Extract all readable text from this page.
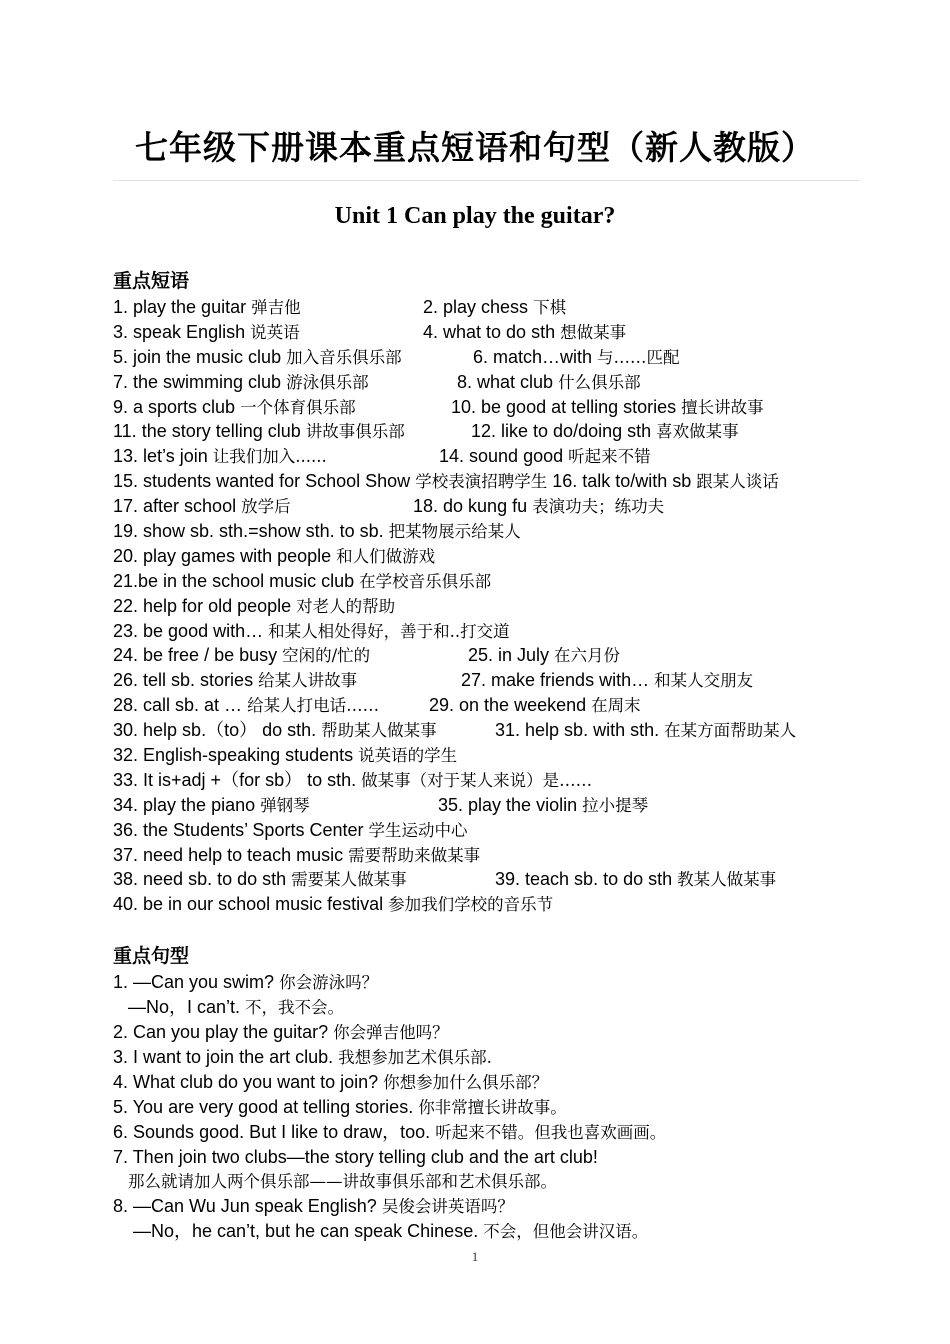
七年级下册课本重点短语和句型（新人教版）
Unit 1 Can play the guitar?
重点短语
1. play the guitar 弹吉他	2. play chess 下棋
3. speak English 说英语	4. what to do sth 想做某事
5. join the music club 加入音乐俱乐部	6. match…with 与……匹配
7. the swimming club 游泳俱乐部	8. what club 什么俱乐部
9. a sports club 一个体育俱乐部	10. be good at telling stories 擅长讲故事
11. the story telling club 讲故事俱乐部	12. like to do/doing sth 喜欢做某事
13. let’s join 让我们加入......	14. sound good 听起来不错
15. students wanted for School Show 学校表演招聘学生 16. talk to/with sb 跟某人谈话
17. after school 放学后	18. do kung fu 表演功夫；练功夫
19. show sb. sth.=show sth. to sb. 把某物展示给某人
20. play games with people 和人们做游戏
21.be in the school music club 在学校音乐俱乐部
22. help for old people 对老人的帮助
23. be good with… 和某人相处得好，善于和..打交道
24. be free / be busy 空闲的/忙的	25. in July 在六月份
26. tell sb. stories 给某人讲故事	27. make friends with… 和某人交朋友
28. call sb. at … 给某人打电话……	29. on the weekend 在周末
30. help sb.（to） do sth. 帮助某人做某事	31. help sb. with sth. 在某方面帮助某人
32. English-speaking students 说英语的学生
33. It is+adj +（for sb） to sth. 做某事（对于某人来说）是……
34. play the piano 弹钢琴	35. play the violin 拉小提琴
36. the Students’ Sports Center 学生运动中心
37. need help to teach music 需要帮助来做某事
38. need sb. to do sth 需要某人做某事	39. teach sb. to do sth 教某人做某事
40. be in our school music festival 参加我们学校的音乐节
重点句型
1. —Can you swim? 你会游泳吗？
—No，I can’t. 不，我不会。
2. Can you play the guitar? 你会弹吉他吗？
3. I want to join the art club. 我想参加艺术俱乐部.
4. What club do you want to join? 你想参加什么俱乐部？
5. You are very good at telling stories. 你非常擅长讲故事。
6. Sounds good. But I like to draw，too. 听起来不错。但我也喜欢画画。
7. Then join two clubs—the story telling club and the art club!
那么就请加人两个俱乐部——讲故事俱乐部和艺术俱乐部。
8. —Can Wu Jun speak English? 吴俊会讲英语吗？
—No，he can’t, but he can speak Chinese. 不会，但他会讲汉语。
1
